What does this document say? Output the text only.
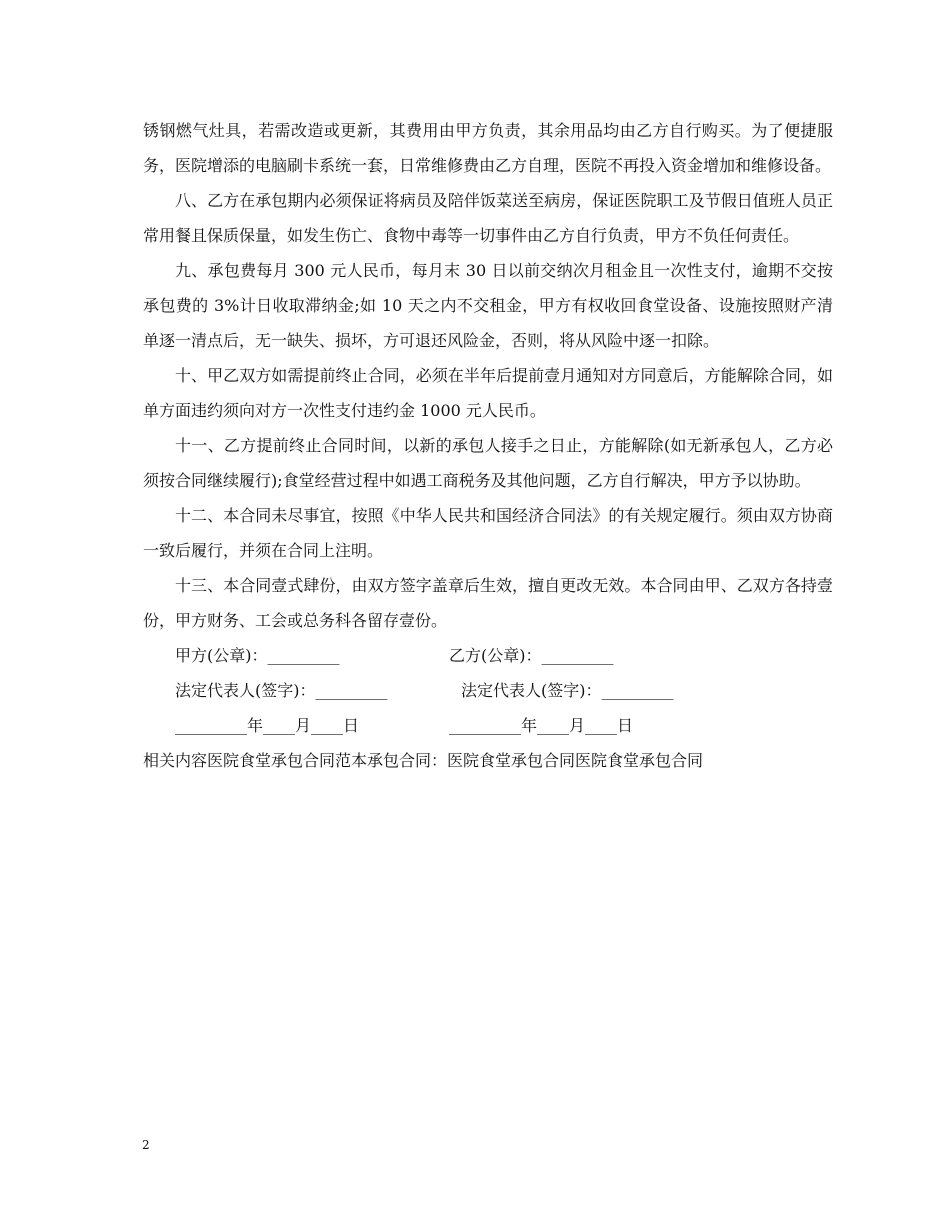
锈钢燃气灶具，若需改造或更新，其费用由甲方负责，其余用品均由乙方自行购买。为了便捷服务，医院增添的电脑刷卡系统一套，日常维修费由乙方自理，医院不再投入资金增加和维修设备。

八、乙方在承包期内必须保证将病员及陪伴饭菜送至病房，保证医院职工及节假日值班人员正常用餐且保质保量，如发生伤亡、食物中毒等一切事件由乙方自行负责，甲方不负任何责任。

九、承包费每月 300 元人民币，每月末 30 日以前交纳次月租金且一次性支付，逾期不交按承包费的 3%计日收取滞纳金;如 10 天之内不交租金，甲方有权收回食堂设备、设施按照财产清单逐一清点后，无一缺失、损坏，方可退还风险金，否则，将从风险中逐一扣除。

十、甲乙双方如需提前终止合同，必须在半年后提前壹月通知对方同意后，方能解除合同，如单方面违约须向对方一次性支付违约金 1000 元人民币。

十一、乙方提前终止合同时间，以新的承包人接手之日止，方能解除(如无新承包人，乙方必须按合同继续履行);食堂经营过程中如遇工商税务及其他问题，乙方自行解决，甲方予以协助。

十二、本合同未尽事宜，按照《中华人民共和国经济合同法》的有关规定履行。须由双方协商一致后履行，并须在合同上注明。

十三、本合同壹式肆份，由双方签字盖章后生效，擅自更改无效。本合同由甲、乙双方各持壹份，甲方财务、工会或总务科各留存壹份。

甲方(公章)：_________	乙方(公章)：_________
法定代表人(签字)：_________	法定代表人(签字)：_________
_________年____月____日	_________年____月____日

相关内容医院食堂承包合同范本承包合同：医院食堂承包合同医院食堂承包合同

2
